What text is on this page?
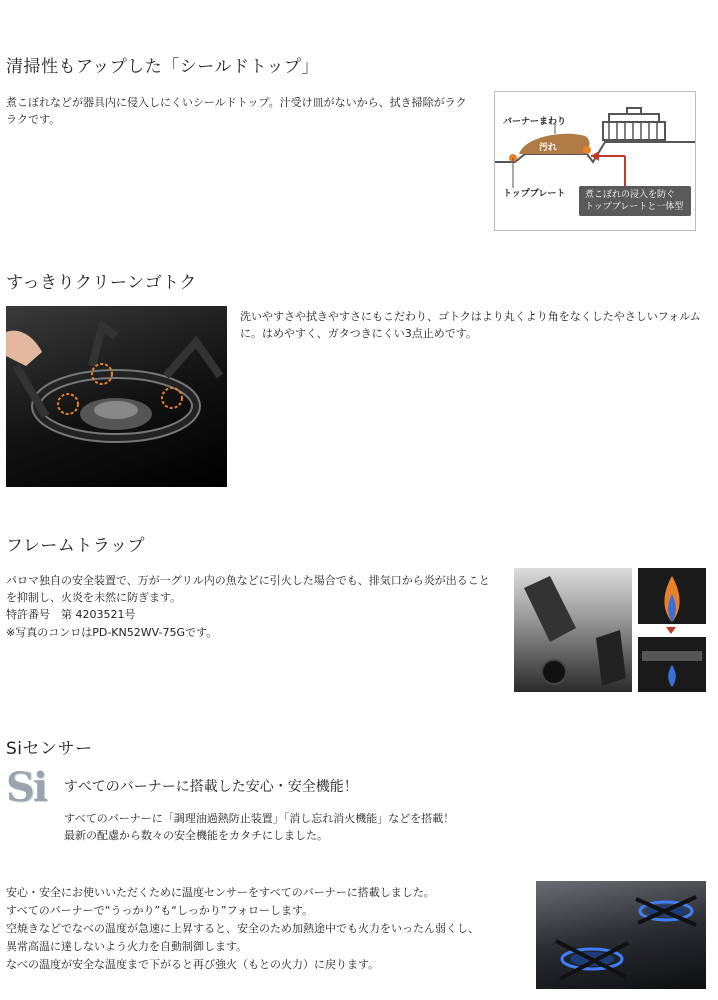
清掃性もアップした「シールドトップ」
煮こぼれなどが器具内に侵入しにくいシールドトップ。汁受け皿がないから、拭き掃除がラクラクです。	バーナーまわり
汚れ
トップブレート 煮こぼれの浸入を防ぐ
トップブレートと一体型
すっきりクリーンゴトク
洗いやすさや拭きやすさにもこだわり、ゴトクはより丸くより角をなくしたやさしいフォルムに。はめやすく、ガタつきにくい3点止めです。
フレームトラップ
パロマ独自の安全装置で、万が一グリル内の魚などに引火した場合でも、排気口から炎が出ることを抑制し、火炎を未然に防ぎます。
特許番号　第 4203521号
※写真のコンロはPD-KN52WV-75Gです。
Siセンサー
Si すべてのバーナーに搭載した安心・安全機能！
すべてのバーナーに「調理油過熱防止装置」「消し忘れ消火機能」などを搭載！
最新の配慮から数々の安全機能をカタチにしました。
安心・安全にお使いいただくために温度センサーをすべてのバーナーに搭載しました。
すべてのバーナーで“うっかり”も“しっかり”フォローします。
空焼きなどでなべの温度が急速に上昇すると、安全のため加熱途中でも火力をいったん弱くし、
異常高温に達しないよう火力を自動制御します。
なべの温度が安全な温度まで下がると再び強火（もとの火力）に戻ります。
